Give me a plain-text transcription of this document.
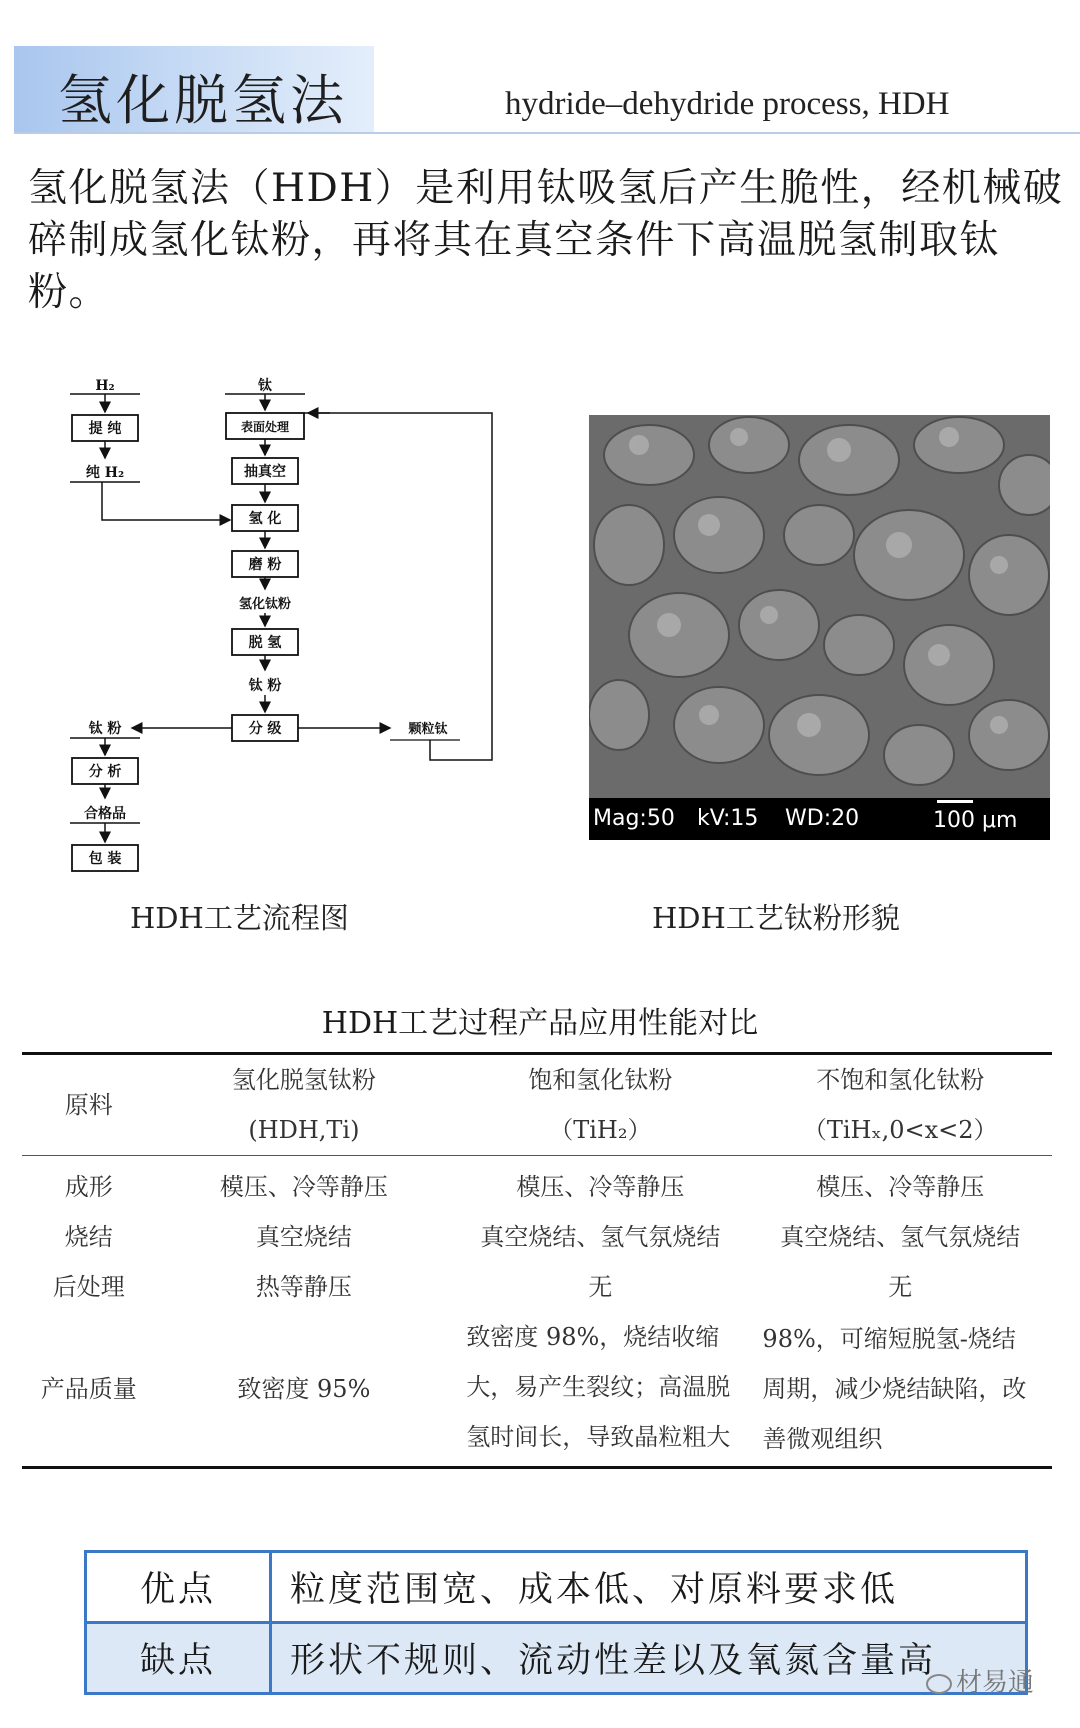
氢化脱氢法	hydride–dehydride process, HDH
氢化脱氢法（HDH）是利用钛吸氢后产生脆性，经机械破碎制成氢化钛粉，再将其在真空条件下高温脱氢制取钛粉。
H₂
提 纯
纯 H₂
钛
表面处理
抽真空
氢 化
磨 粉
氢化钛粉
脱 氢
钛 粉
分 级	颗粒钛
钛 粉
分 析
合格品
包 装
HDH工艺流程图
Mag:50 kV:15 WD:20	100 μm
HDH工艺钛粉形貌
HDH工艺过程产品应用性能对比
原料	氢化脱氢钛粉	饱和氢化钛粉	不饱和氢化钛粉
	(HDH,Ti)	（TiH₂）	（TiHₓ,0<x<2）
成形	模压、冷等静压	模压、冷等静压	模压、冷等静压
烧结	真空烧结	真空烧结、氢气氛烧结	真空烧结、氢气氛烧结
后处理	热等静压	无	无
产品质量	致密度 95%	致密度 98%，烧结收缩大，易产生裂纹；高温脱氢时间长，导致晶粒粗大	98%，可缩短脱氢-烧结周期，减少烧结缺陷，改善微观组织
优点	粒度范围宽、成本低、对原料要求低
缺点	形状不规则、流动性差以及氧氮含量高
材易通
